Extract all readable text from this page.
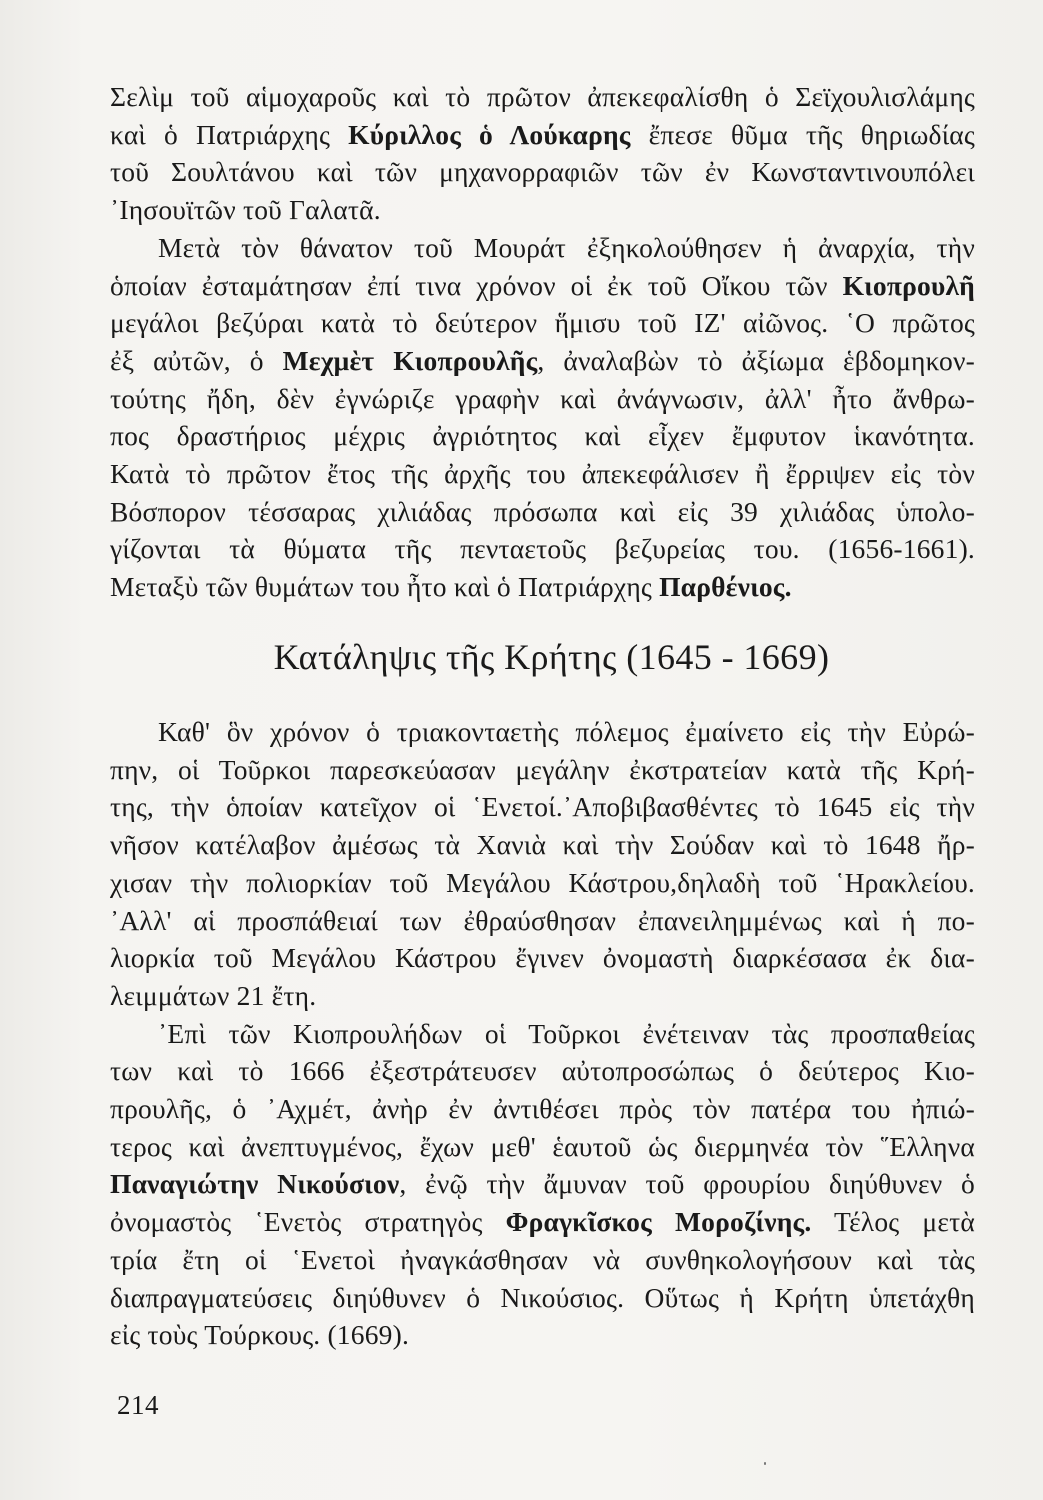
Σελὶμ τοῦ αἱμοχαροῦς καὶ τὸ πρῶτον ἀπεκεφαλίσθη ὁ Σεϊχουλισλάμης
καὶ ὁ Πατριάρχης Κύριλλος ὁ Λούκαρης ἔπεσε θῦμα τῆς θηριωδίας
τοῦ Σουλτάνου καὶ τῶν μηχανορραφιῶν τῶν ἐν Κωνσταντινουπόλει
᾿Ιησουϊτῶν τοῦ Γαλατᾶ.

Μετὰ τὸν θάνατον τοῦ Μουράτ ἐξηκολούθησεν ἡ ἀναρχία, τὴν
ὁποίαν ἐσταμάτησαν ἐπί τινα χρόνον οἱ ἐκ τοῦ Οἴκου τῶν Κιοπρουλῆ
μεγάλοι βεζύραι κατὰ τὸ δεύτερον ἥμισυ τοῦ ΙΖ' αἰῶνος. ῾Ο πρῶτος
ἐξ αὐτῶν, ὁ Μεχμὲτ Κιοπρουλῆς, ἀναλαβὼν τὸ ἀξίωμα ἑβδομηκον-
τούτης ἤδη, δὲν ἐγνώριζε γραφὴν καὶ ἀνάγνωσιν, ἀλλ' ἦτο ἄνθρω-
πος δραστήριος μέχρις ἀγριότητος καὶ εἶχεν ἔμφυτον ἱκανότητα.
Κατὰ τὸ πρῶτον ἔτος τῆς ἀρχῆς του ἀπεκεφάλισεν ἢ ἔρριψεν εἰς τὸν
Βόσπορον τέσσαρας χιλιάδας πρόσωπα καὶ εἰς 39 χιλιάδας ὑπολο-
γίζονται τὰ θύματα τῆς πενταετοῦς βεζυρείας του. (1656-1661).
Μεταξὺ τῶν θυμάτων του ἦτο καὶ ὁ Πατριάρχης Παρθένιος.

Κατάληψις τῆς Κρήτης (1645 - 1669)

Καθ' ὃν χρόνον ὁ τριακονταετὴς πόλεμος ἐμαίνετο εἰς τὴν Εὐρώ-
πην, οἱ Τοῦρκοι παρεσκεύασαν μεγάλην ἐκστρατείαν κατὰ τῆς Κρή-
της, τὴν ὁποίαν κατεῖχον οἱ ῾Ενετοί.᾿Αποβιβασθέντες τὸ 1645 εἰς τὴν
νῆσον κατέλαβον ἀμέσως τὰ Χανιὰ καὶ τὴν Σούδαν καὶ τὸ 1648 ἤρ-
χισαν τὴν πολιορκίαν τοῦ Μεγάλου Κάστρου,δηλαδὴ τοῦ ῾Ηρακλείου.
᾿Αλλ' αἱ προσπάθειαί των ἐθραύσθησαν ἐπανειλημμένως καὶ ἡ πο-
λιορκία τοῦ Μεγάλου Κάστρου ἔγινεν ὀνομαστὴ διαρκέσασα ἐκ δια-
λειμμάτων 21 ἔτη.

᾿Επὶ τῶν Κιοπρουλήδων οἱ Τοῦρκοι ἐνέτειναν τὰς προσπαθείας
των καὶ τὸ 1666 ἐξεστράτευσεν αὐτοπροσώπως ὁ δεύτερος Κιο-
προυλῆς, ὁ ᾿Αχμέτ, ἀνὴρ ἐν ἀντιθέσει πρὸς τὸν πατέρα του ἠπιώ-
τερος καὶ ἀνεπτυγμένος, ἔχων μεθ' ἑαυτοῦ ὡς διερμηνέα τὸν ῞Ελληνα
Παναγιώτην Νικούσιον, ἐνῷ τὴν ἄμυναν τοῦ φρουρίου διηύθυνεν ὁ
ὀνομαστὸς ῾Ενετὸς στρατηγὸς Φραγκῖσκος Μοροζίνης. Τέλος μετὰ
τρία ἔτη οἱ ῾Ενετοὶ ἠναγκάσθησαν νὰ συνθηκολογήσουν καὶ τὰς
διαπραγματεύσεις διηύθυνεν ὁ Νικούσιος. Οὕτως ἡ Κρήτη ὑπετάχθη
εἰς τοὺς Τούρκους. (1669).

214
